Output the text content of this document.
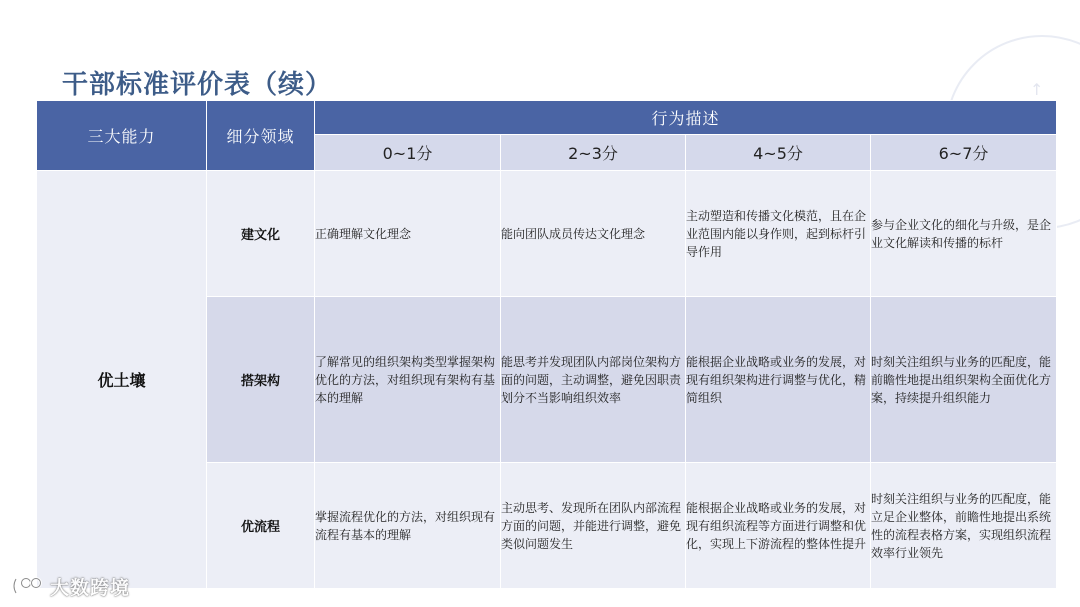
↑
干部标准评价表（续）
三大能力	细分领域	行为描述			
		0~1分	2~3分	4~5分	6~7分
优土壤	建文化	正确理解文化理念	能向团队成员传达文化理念	主动塑造和传播文化模范，且在企业范围内能以身作则，起到标杆引导作用	参与企业文化的细化与升级，是企业文化解读和传播的标杆
	搭架构	了解常见的组织架构类型掌握架构优化的方法，对组织现有架构有基本的理解	能思考并发现团队内部岗位架构方面的问题，主动调整，避免因职责划分不当影响组织效率	能根据企业战略或业务的发展，对现有组织架构进行调整与优化，精简组织	时刻关注组织与业务的匹配度，能前瞻性地提出组织架构全面优化方案，持续提升组织能力
	优流程	掌握流程优化的方法，对组织现有流程有基本的理解	主动思考、发现所在团队内部流程方面的问题，并能进行调整，避免类似问题发生	能根据企业战略或业务的发展，对现有组织流程等方面进行调整和优化，实现上下游流程的整体性提升	时刻关注组织与业务的匹配度，能立足企业整体，前瞻性地提出系统性的流程表格方案，实现组织流程效率行业领先
大数跨境
